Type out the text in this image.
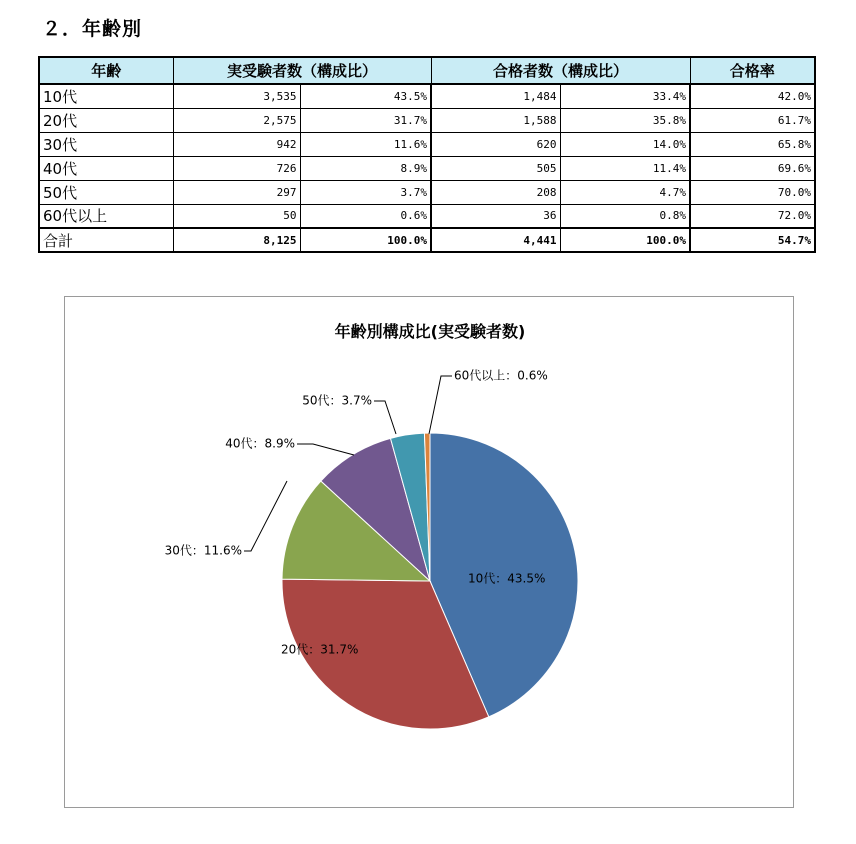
２．年齢別
年齢	実受験者数（構成比）		合格者数（構成比）		合格率
10代	3,535	43.5%	1,484	33.4%	42.0%
20代	2,575	31.7%	1,588	35.8%	61.7%
30代	942	11.6%	620	14.0%	65.8%
40代	726	8.9%	505	11.4%	69.6%
50代	297	3.7%	208	4.7%	70.0%
60代以上	50	0.6%	36	0.8%	72.0%
合計	8,125	100.0%	4,441	100.0%	54.7%
年齢別構成比(実受験者数)
10代：43.5%
20代：31.7%
30代：11.6%
40代：8.9%
50代：3.7%
60代以上：0.6%
